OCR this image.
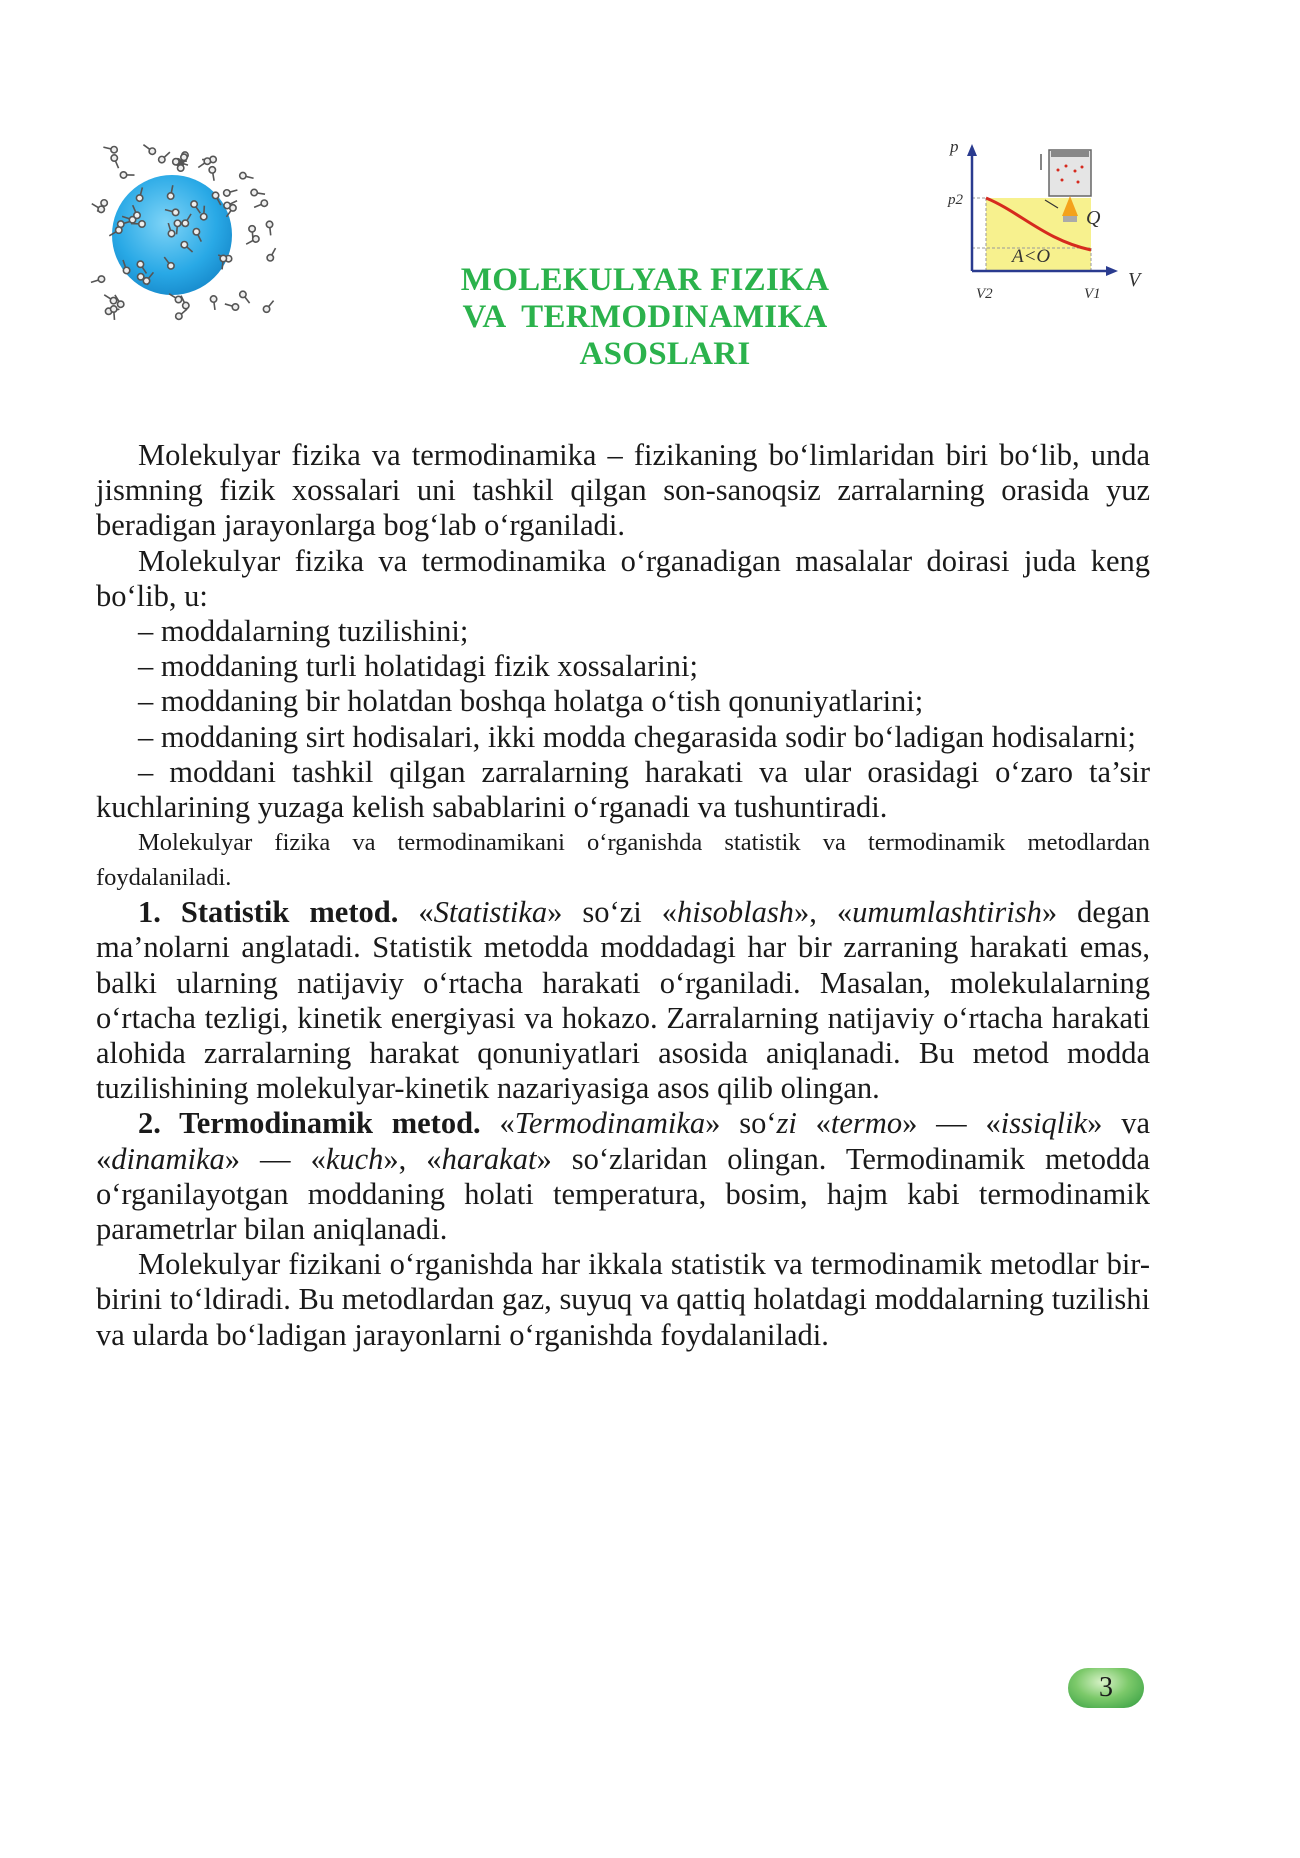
p
p2
Q
A<O
V
V2	V1
MOLEKULYAR FIZIKA
VA  TERMODINAMIKA
ASOSLARI

Molekulyar fizika va termodinamika – fizikaning bo‘limlaridan biri bo‘lib, unda jismning fizik xossalari uni tashkil qilgan son-sanoqsiz zarralarning orasida yuz beradigan jarayonlarga bog‘lab o‘rganiladi.

Molekulyar fizika va termodinamika o‘rganadigan masalalar doirasi juda keng bo‘lib, u:

– moddalarning tuzilishini;

– moddaning turli holatidagi fizik xossalarini;

– moddaning bir holatdan boshqa holatga o‘tish qonuniyatlarini;

– moddaning sirt hodisalari, ikki modda chegarasida sodir bo‘ladigan hodisalarni;

– moddani tashkil qilgan zarralarning harakati va ular orasidagi o‘zaro ta’sir kuchlarining yuzaga kelish sabablarini o‘rganadi va tushuntiradi.

Molekulyar fizika va termodinamikani o‘rganishda statistik va termodinamik metodlardan foydalaniladi.

1. Statistik metod. «Statistika» so‘zi «hisoblash», «umumlashtirish» degan ma’nolarni anglatadi. Statistik metodda moddadagi har bir zarraning harakati emas, balki ularning natijaviy o‘rtacha harakati o‘rganiladi. Masalan, molekulalarning o‘rtacha tezligi, kinetik energiyasi va hokazo. Zarralarning natijaviy o‘rtacha harakati alohida zarralarning harakat qonuniyatlari asosida aniqlanadi. Bu metod modda tuzilishining molekulyar-kinetik nazariyasiga asos qilib olingan.

2. Termodinamik metod. «Termodinamika» so‘zi «termo» — «issiqlik» va «dinamika» — «kuch», «harakat» so‘zlaridan olingan. Termodinamik metodda o‘rganilayotgan moddaning holati temperatura, bosim, hajm kabi termodinamik parametrlar bilan aniqlanadi.

Molekulyar fizikani o‘rganishda har ikkala statistik va termodinamik metodlar bir-birini to‘ldiradi. Bu metodlardan gaz, suyuq va qattiq holatdagi moddalarning tuzilishi va ularda bo‘ladigan jarayonlarni o‘rganishda foydalaniladi.

3
